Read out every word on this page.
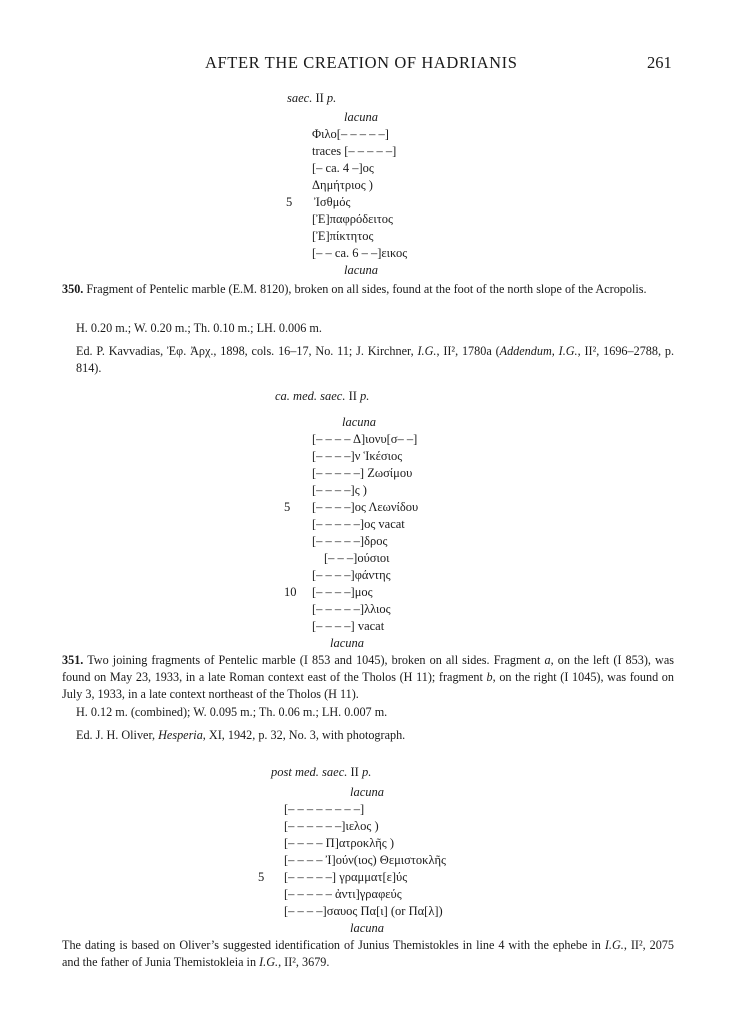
AFTER THE CREATION OF HADRIANIS	261
saec. II p.
lacuna
Φιλο[– – – – –]
traces [– – – – –]
[– ca. 4 –]ος
Δημήτριος )
Ἰσθμός
5
[Ἐ]παφρόδειτος
[Ἐ]πίκτητος
[– – ca. 6 – –]εικος
lacuna
350. Fragment of Pentelic marble (E.M. 8120), broken on all sides, found at the foot of the north slope of the Acropolis.
H. 0.20 m.; W. 0.20 m.; Th. 0.10 m.; LH. 0.006 m.
Ed. P. Kavvadias, Ἐφ. Ἀρχ., 1898, cols. 16–17, No. 11; J. Kirchner, I.G., II², 1780a (Addendum, I.G., II², 1696–2788, p. 814).
ca. med. saec. II p.
lacuna
[– – – – Δ]ιονυ[σ– –]
[– – – –]ν Ἱκέσιος
[– – – – –] Ζωσίμου
[– – – –]ς )
[– – – –]ος Λεωνίδου
5
[– – – – –]ος vacat
[– – – – –]δρος
[– – –]ούσιοι
[– – – –]φάντης
[– – – –]μος
10
[– – – – –]λλιος
[– – – –] vacat
lacuna
351. Two joining fragments of Pentelic marble (I 853 and 1045), broken on all sides. Fragment a, on the left (I 853), was found on May 23, 1933, in a late Roman context east of the Tholos (H 11); fragment b, on the right (I 1045), was found on July 3, 1933, in a late context northeast of the Tholos (H 11).
H. 0.12 m. (combined); W. 0.095 m.; Th. 0.06 m.; LH. 0.007 m.
Ed. J. H. Oliver, Hesperia, XI, 1942, p. 32, No. 3, with photograph.
post med. saec. II p.
lacuna
[– – – – – – – –]
[– – – – – –]ιελος )
[– – – – Π]ατροκλῆς )
[– – – – Ἰ]ούν(ιος) Θεμιστοκλῆς
[– – – – –] γραμματ[ε]ύς
5
[– – – – – ἀντι]γραφεύς
[– – – –]σαυος Πα[ι] (or Πα[λ])
lacuna
The dating is based on Oliver’s suggested identification of Junius Themistokles in line 4 with the ephebe in I.G., II², 2075 and the father of Junia Themistokleia in I.G., II², 3679.
